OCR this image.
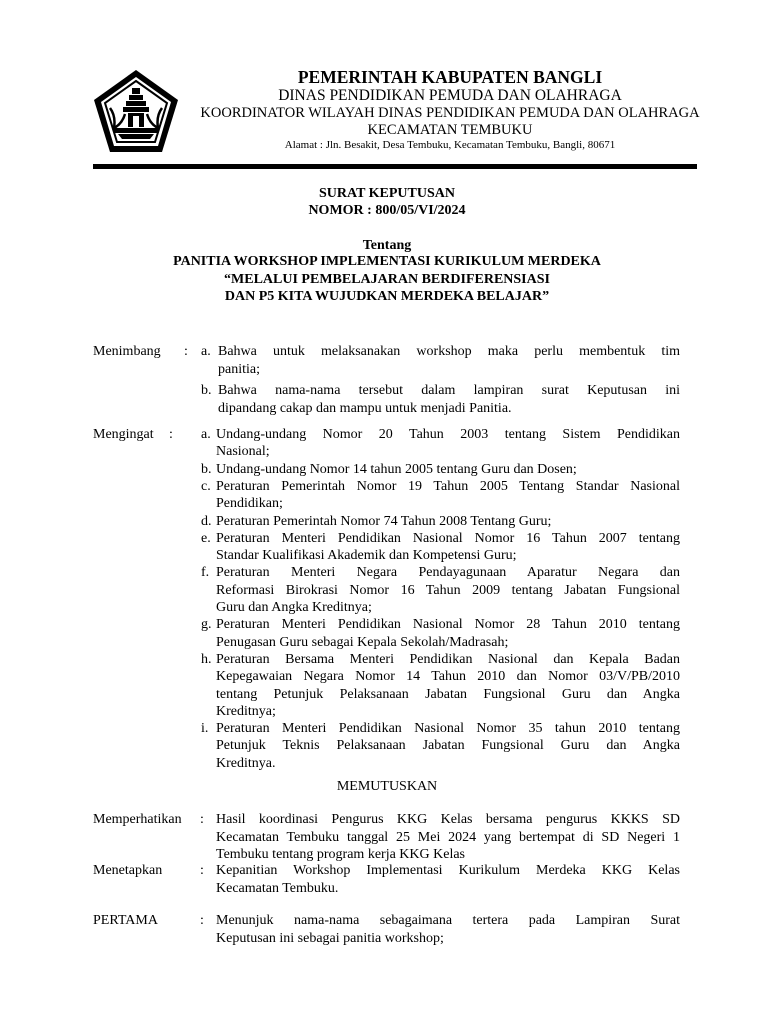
PEMERINTAH KABUPATEN BANGLI
DINAS PENDIDIKAN PEMUDA DAN OLAHRAGA
KOORDINATOR WILAYAH DINAS PENDIDIKAN PEMUDA DAN OLAHRAGA
KECAMATAN TEMBUKU
Alamat : Jln. Besakit, Desa Tembuku, Kecamatan Tembuku, Bangli, 80671
SURAT KEPUTUSAN
NOMOR : 800/05/VI/2024
Tentang
PANITIA WORKSHOP IMPLEMENTASI KURIKULUM MERDEKA
“MELALUI PEMBELAJARAN BERDIFERENSIASI
DAN P5 KITA WUJUDKAN MERDEKA BELAJAR”
Menimbang : a. Bahwa untuk melaksanakan workshop maka perlu membentuk tim
panitia;
b. Bahwa nama-nama tersebut dalam lampiran surat Keputusan ini
dipandang cakap dan mampu untuk menjadi Panitia.
Mengingat : a. Undang-undang Nomor 20 Tahun 2003 tentang Sistem Pendidikan
Nasional;
b. Undang-undang Nomor 14 tahun 2005 tentang Guru dan Dosen;
c. Peraturan Pemerintah Nomor 19 Tahun 2005 Tentang Standar Nasional
Pendidikan;
d. Peraturan Pemerintah Nomor 74 Tahun 2008 Tentang Guru;
e. Peraturan Menteri Pendidikan Nasional Nomor 16 Tahun 2007 tentang
Standar Kualifikasi Akademik dan Kompetensi Guru;
f. Peraturan Menteri Negara Pendayagunaan Aparatur Negara dan
Reformasi Birokrasi Nomor 16 Tahun 2009 tentang Jabatan Fungsional
Guru dan Angka Kreditnya;
g. Peraturan Menteri Pendidikan Nasional Nomor 28 Tahun 2010 tentang
Penugasan Guru sebagai Kepala Sekolah/Madrasah;
h. Peraturan Bersama Menteri Pendidikan Nasional dan Kepala Badan
Kepegawaian Negara Nomor 14 Tahun 2010 dan Nomor 03/V/PB/2010
tentang Petunjuk Pelaksanaan Jabatan Fungsional Guru dan Angka
Kreditnya;
i. Peraturan Menteri Pendidikan Nasional Nomor 35 tahun 2010 tentang
Petunjuk Teknis Pelaksanaan Jabatan Fungsional Guru dan Angka
Kreditnya.
MEMUTUSKAN
Memperhatikan : Hasil koordinasi Pengurus KKG Kelas bersama pengurus KKKS SD
Kecamatan Tembuku tanggal 25 Mei 2024 yang bertempat di SD Negeri 1
Tembuku tentang program kerja KKG Kelas
Menetapkan	: Kepanitian Workshop Implementasi Kurikulum Merdeka KKG Kelas
Kecamatan Tembuku.
PERTAMA	: Menunjuk nama-nama sebagaimana tertera pada Lampiran Surat
Keputusan ini sebagai panitia workshop;
